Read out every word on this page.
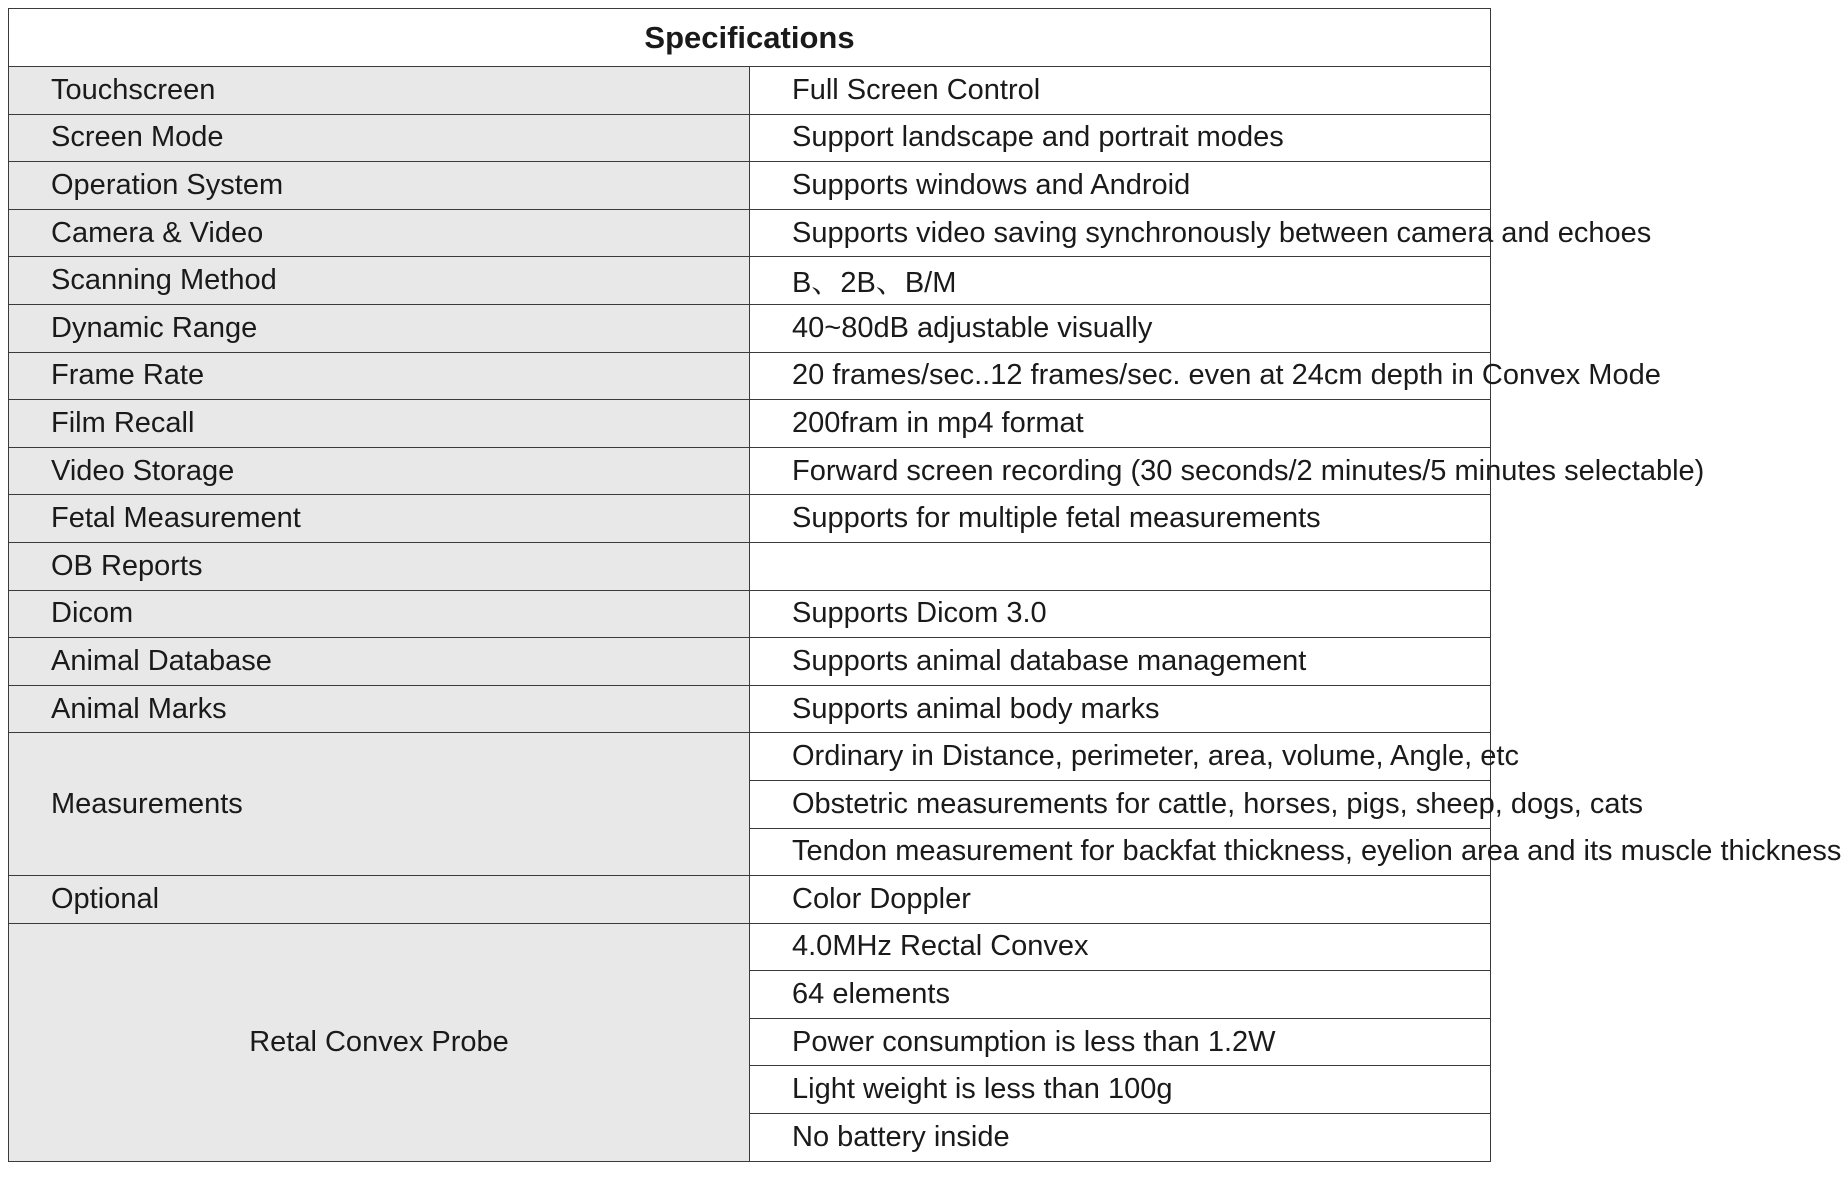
Specifications	
Touchscreen	Full Screen Control
Screen Mode	Support landscape and portrait modes
Operation System	Supports windows and Android
Camera & Video	Supports video saving synchronously between camera and echoes
Scanning Method	B、2B、B/M
Dynamic Range	40~80dB adjustable visually
Frame Rate	20 frames/sec..12 frames/sec. even at 24cm depth in Convex Mode
Film Recall	200fram in mp4 format
Video Storage	Forward screen recording (30 seconds/2 minutes/5 minutes selectable)
Fetal Measurement	Supports for multiple fetal measurements
OB Reports	
Dicom	Supports Dicom 3.0
Animal Database	Supports animal database management
Animal Marks	Supports animal body marks
Measurements	Ordinary in Distance, perimeter, area, volume, Angle, etc
	Obstetric measurements for cattle, horses, pigs, sheep, dogs, cats
	Tendon measurement for backfat thickness, eyelion area and its muscle thickness
Optional	Color Doppler
Retal Convex Probe	4.0MHz Rectal Convex
	64 elements
	Power consumption is less than 1.2W
	Light weight is less than 100g
	No battery inside
